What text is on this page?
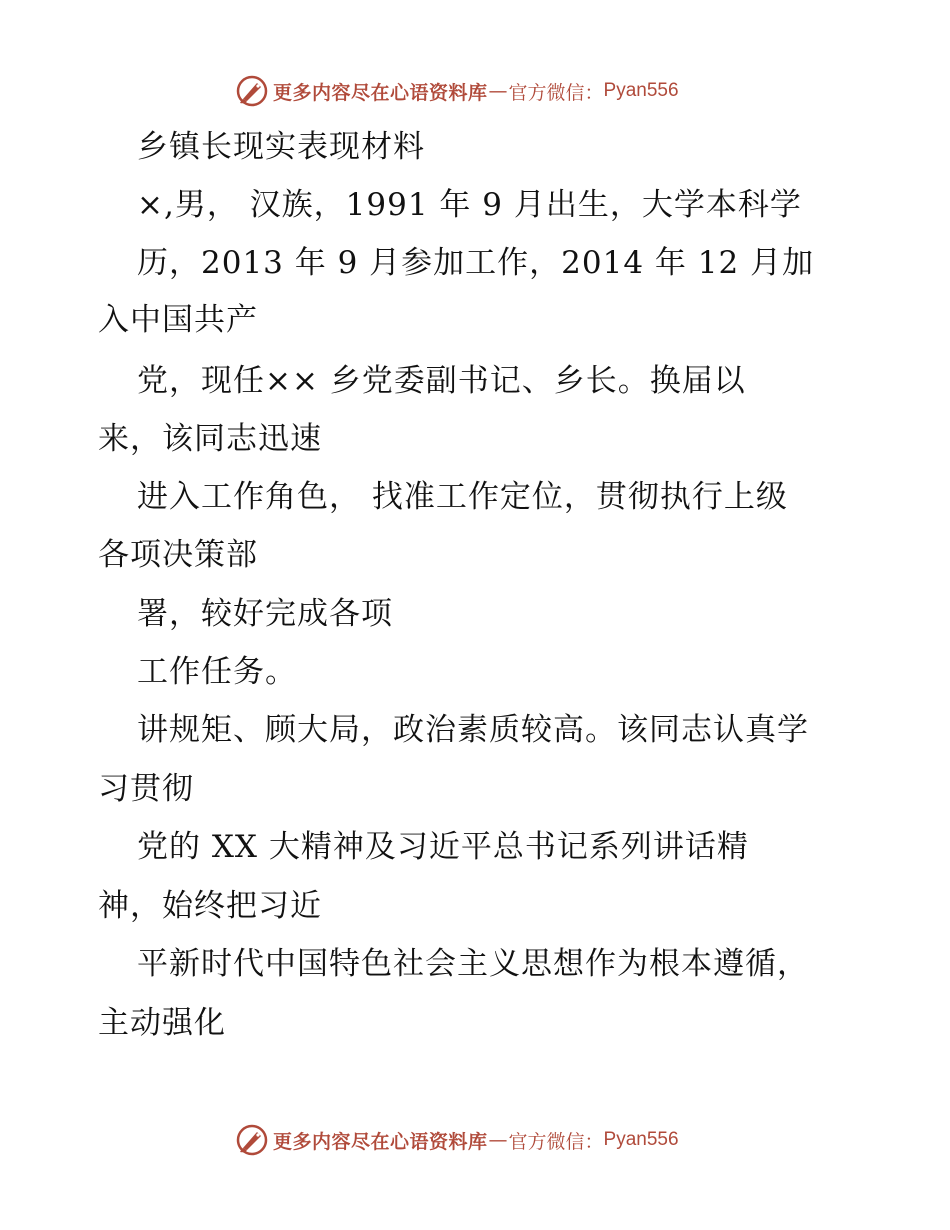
更多内容尽在心语资料库 — 官方微信： Pyan556
乡镇长现实表现材料
×,男， 汉族，1991 年 9 月出生，大学本科学
历，2013 年 9 月参加工作，2014 年 12 月加
入中国共产
党，现任×× 乡党委副书记、乡长。换届以
来，该同志迅速
进入工作角色， 找准工作定位，贯彻执行上级
各项决策部
署，较好完成各项
工作任务。
讲规矩、顾大局，政治素质较高。该同志认真学
习贯彻
党的 XX 大精神及习近平总书记系列讲话精
神，始终把习近
平新时代中国特色社会主义思想作为根本遵循，
主动强化
更多内容尽在心语资料库 — 官方微信： Pyan556
